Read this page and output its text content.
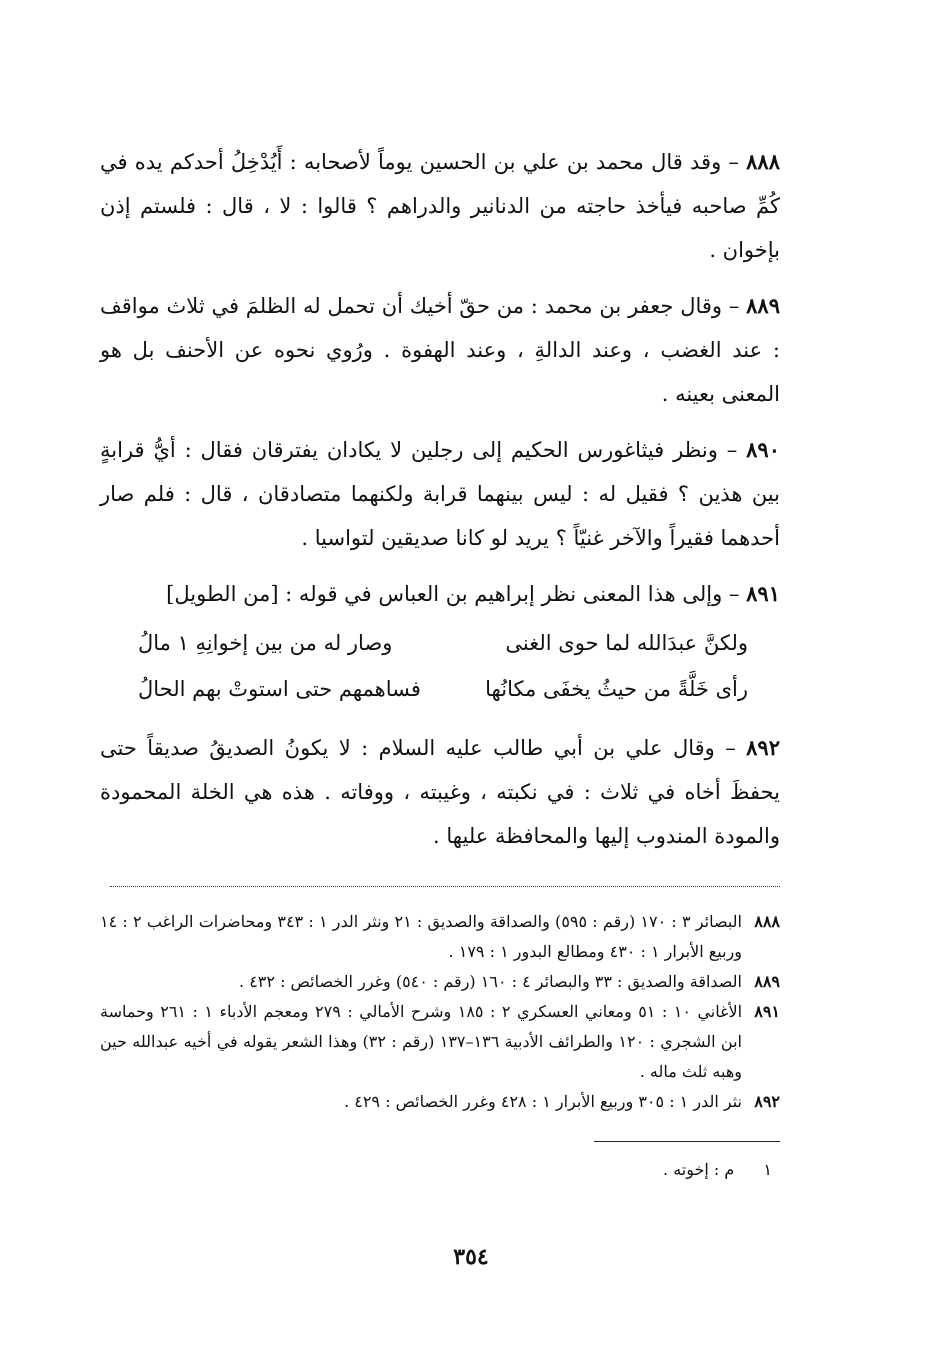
٨٨٨ – وقد قال محمد بن علي بن الحسين يوماً لأصحابه : أَيُدْخِلُ أحدكم يده في كُمِّ صاحبه فيأخذ حاجته من الدنانير والدراهم ؟ قالوا : لا ، قال : فلستم إذن بإخوان .

٨٨٩ – وقال جعفر بن محمد : من حقّ أخيك أن تحمل له الظلمَ في ثلاث مواقف : عند الغضب ، وعند الدالةِ ، وعند الهفوة . ورُوي نحوه عن الأحنف بل هو المعنى بعينه .

٨٩٠ – ونظر فيثاغورس الحكيم إلى رجلين لا يكادان يفترقان فقال : أيُّ قرابةٍ بين هذين ؟ فقيل له : ليس بينهما قرابة ولكنهما متصادقان ، قال : فلم صار أحدهما فقيراً والآخر غنيّاً ؟ يريد لو كانا صديقين لتواسيا .

٨٩١ – وإلى هذا المعنى نظر إبراهيم بن العباس في قوله : [من الطويل]
ولكنَّ عبدَالله لما حوى الغنى
وصار له من بين إخوانِهِ ١ مالُ
رأى خَلَّةً من حيثُ يخفَى مكانُها
فساهمهم حتى استوتْ بهم الحالُ

٨٩٢ – وقال علي بن أبي طالب عليه السلام : لا يكونُ الصديقُ صديقاً حتى يحفظَ أخاه في ثلاث : في نكبته ، وغيبته ، ووفاته . هذه هي الخلة المحمودة والمودة المندوب إليها والمحافظة عليها .

٨٨٨
البصائر ٣ : ١٧٠ (رقم : ٥٩٥) والصداقة والصديق : ٢١ ونثر الدر ١ : ٣٤٣ ومحاضرات الراغب ٢ : ١٤ وربيع الأبرار ١ : ٤٣٠ ومطالع البدور ١ : ١٧٩ .
٨٨٩
الصداقة والصديق : ٣٣ والبصائر ٤ : ١٦٠ (رقم : ٥٤٠) وغرر الخصائص : ٤٣٢ .
٨٩١
الأغاني ١٠ : ٥١ ومعاني العسكري ٢ : ١٨٥ وشرح الأمالي : ٢٧٩ ومعجم الأدباء ١ : ٢٦١ وحماسة ابن الشجري : ١٢٠ والطرائف الأدبية ١٣٦–١٣٧ (رقم : ٣٢) وهذا الشعر يقوله في أخيه عبدالله حين وهبه ثلث ماله .
٨٩٢
نثر الدر ١ : ٣٠٥ وربيع الأبرار ١ : ٤٢٨ وغرر الخصائص : ٤٢٩ .
١ م : إخوته .
٣٥٤
